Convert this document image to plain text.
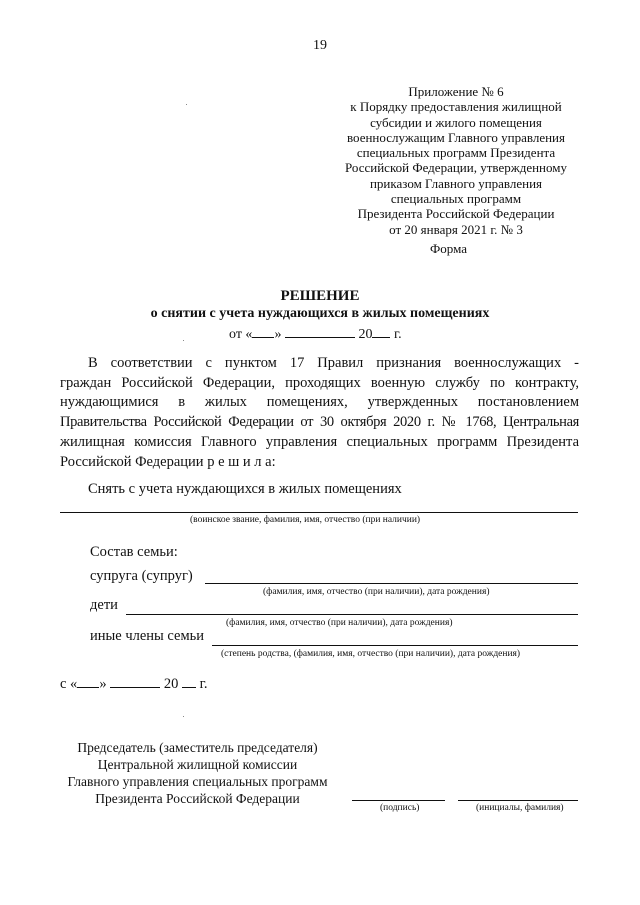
19
Приложение № 6
к Порядку предоставления жилищной
субсидии и жилого помещения
военнослужащим Главного управления
специальных программ Президента
Российской Федерации, утвержденному
приказом Главного управления
специальных программ
Президента Российской Федерации
от 20 января 2021 г. № 3
Форма
РЕШЕНИЕ
о снятии с учета нуждающихся в жилых помещениях
от « »	20 г.
В соответствии с пунктом 17 Правил признания военнослужащих -
граждан Российской Федерации, проходящих военную службу по контракту,
нуждающимися в жилых помещениях, утвержденных постановлением
Правительства Российской Федерации от 30 октября 2020 г. № 1768, Центральная
жилищная комиссия Главного управления специальных программ Президента
Российской Федерации р е ш и л а:
Снять с учета нуждающихся в жилых помещениях
(воинское звание, фамилия, имя, отчество (при наличии)
Состав семьи:
супруга (супруг)
(фамилия, имя, отчество (при наличии), дата рождения)
дети
(фамилия, имя, отчество (при наличии), дата рождения)
иные члены семьи
(степень родства, (фамилия, имя, отчество (при наличии), дата рождения)
с « »	20 г.
Председатель (заместитель председателя)
Центральной жилищной комиссии
Главного управления специальных программ
Президента Российской Федерации
(подпись)	(инициалы, фамилия)
